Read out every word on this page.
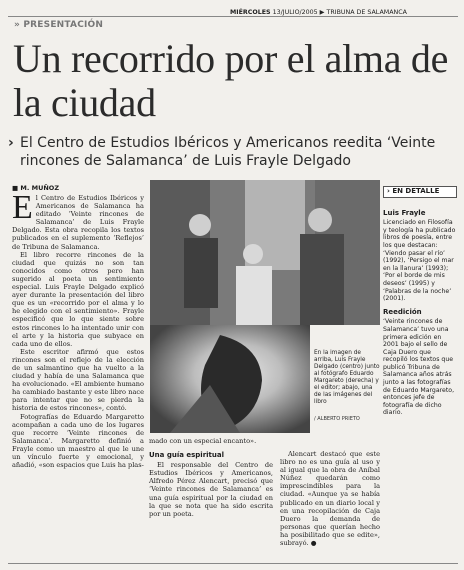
MIÉRCOLES 13/JULIO/2005 ▶ TRIBUNA DE SALAMANCA
» PRESENTACIÓN
Un recorrido por el alma de la ciudad
› El Centro de Estudios Ibéricos y Americanos reedita ‘Veinte rincones de Salamanca’ de Luis Frayle Delgado
■ M. MUÑOZ

El Centro de Estudios Ibéricos y Americanos de Salamanca ha editado ‘Veinte rincones de Salamanca’ de Luis Frayle Delgado. Esta obra recopila los textos publicados en el suplemento ‘Reflejos’ de Tribuna de Salamanca.

El libro recorre rincones de la ciudad que quizás no son tan conocidos como otros pero han sugerido al poeta un sentimiento especial. Luis Frayle Delgado explicó ayer durante la presentación del libro que es un «recorrido por el alma y lo he elegido con el sentimiento». Frayle especificó que lo que siente sobre estos rincones lo ha intentado unir con el arte y la historia que subyace en cada uno de ellos.

Este escritor afirmó que estos rincones son el reflejo de la elección de un salmantino que ha vuelto a la ciudad y había de una Salamanca que ha evolucionado. «El ambiente humano ha cambiado bastante y este libro nace para intentar que no se pierda la historia de estos rincones», contó.

Fotografías de Eduardo Margaretto acompañan a cada uno de los lugares que recorre ‘Veinte rincones de Salamanca’. Margaretto definió a Frayle como un maestro al que le une un vínculo fuerte y emocional, y añadió, «son espacios que Luis ha plas-

En la imagen de arriba, Luis Frayle Delgado (centro) junto al fotógrafo Eduardo Margareto (derecha) y el editor; abajo, una de las imágenes del libro
/ ALBERTO PRIETO

mado con un especial encanto».

Una guía espiritual

El responsable del Centro de Estudios Ibéricos y Americanos, Alfredo Pérez Alencart, precisó que ‘Veinte rincones de Salamanca’ es una guía espiritual por la ciudad en la que se nota que ha sido escrita por un poeta.

Alencart destacó que este libro no es una guía al uso y al igual que la obra de Aníbal Núñez quedarán como imprescindibles para la ciudad. «Aunque ya se había publicado en un diario local y en una recopilación de Caja Duero la demanda de personas que querían hecho ha posibilitado que se edite», subrayó. ●

› EN DETALLE
Luis Frayle
Licenciado en Filosofía y teología ha publicado libros de poesía, entre los que destacan: ‘Viendo pasar el río’ (1992), ‘Persigo el mar en la llanura’ (1993); ‘Por el borde de mis deseos’ (1995) y ‘Palabras de la noche’ (2001).
Reedición
‘Veinte rincones de Salamanca’ tuvo una primera edición en 2001 bajo el sello de Caja Duero que recopiló los textos que publicó Tribuna de Salamanca años atrás junto a las fotografías de Eduardo Margareto, entonces jefe de fotografía de dicho diario.
